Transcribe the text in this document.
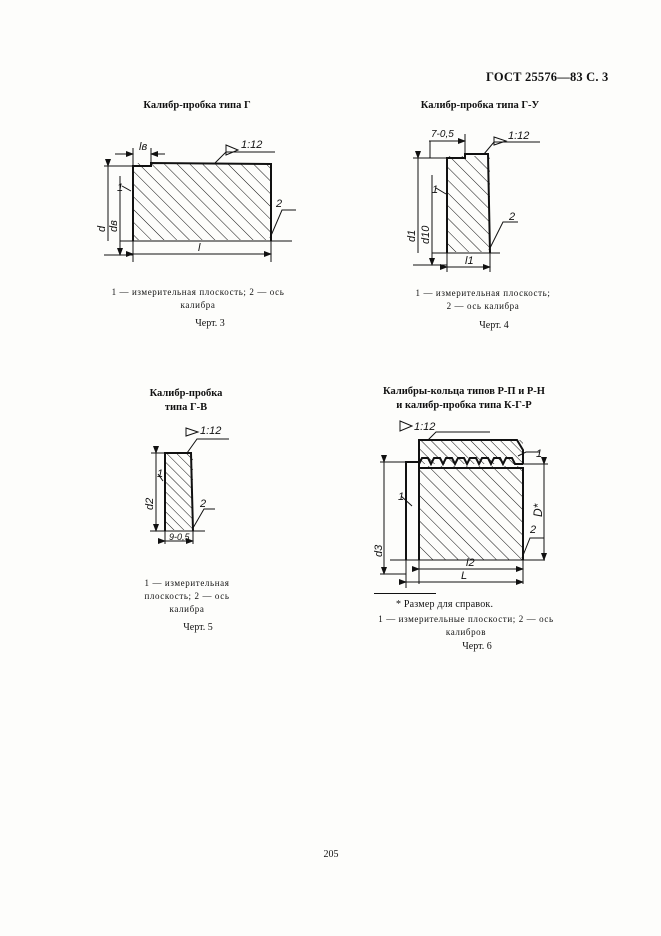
ГОСТ 25576—83 С. 3
Калибр-пробка типа Г
lв	1:12
1
2
l
d dв
1 — измерительная плоскость; 2 — ось
калибра
Черт. 3
Калибр-пробка типа Г-У
7-0,5	1:12
1
2
l1
d1 d10
1 — измерительная плоскость;
2 — ось калибра
Черт. 4
Калибр-пробка
типа Г-В
1:12
1
2
9-0,5
d2
1 — измерительная
плоскость; 2 — ось
калибра
Черт. 5
Калибры-кольца типов Р-П и Р-Н
и калибр-пробка типа К-Г-Р
1:12
1
1
2
l2
L
d3
D*
* Размер для справок.
1 — измерительные плоскости; 2 — ось
калибров
Черт. 6
205
